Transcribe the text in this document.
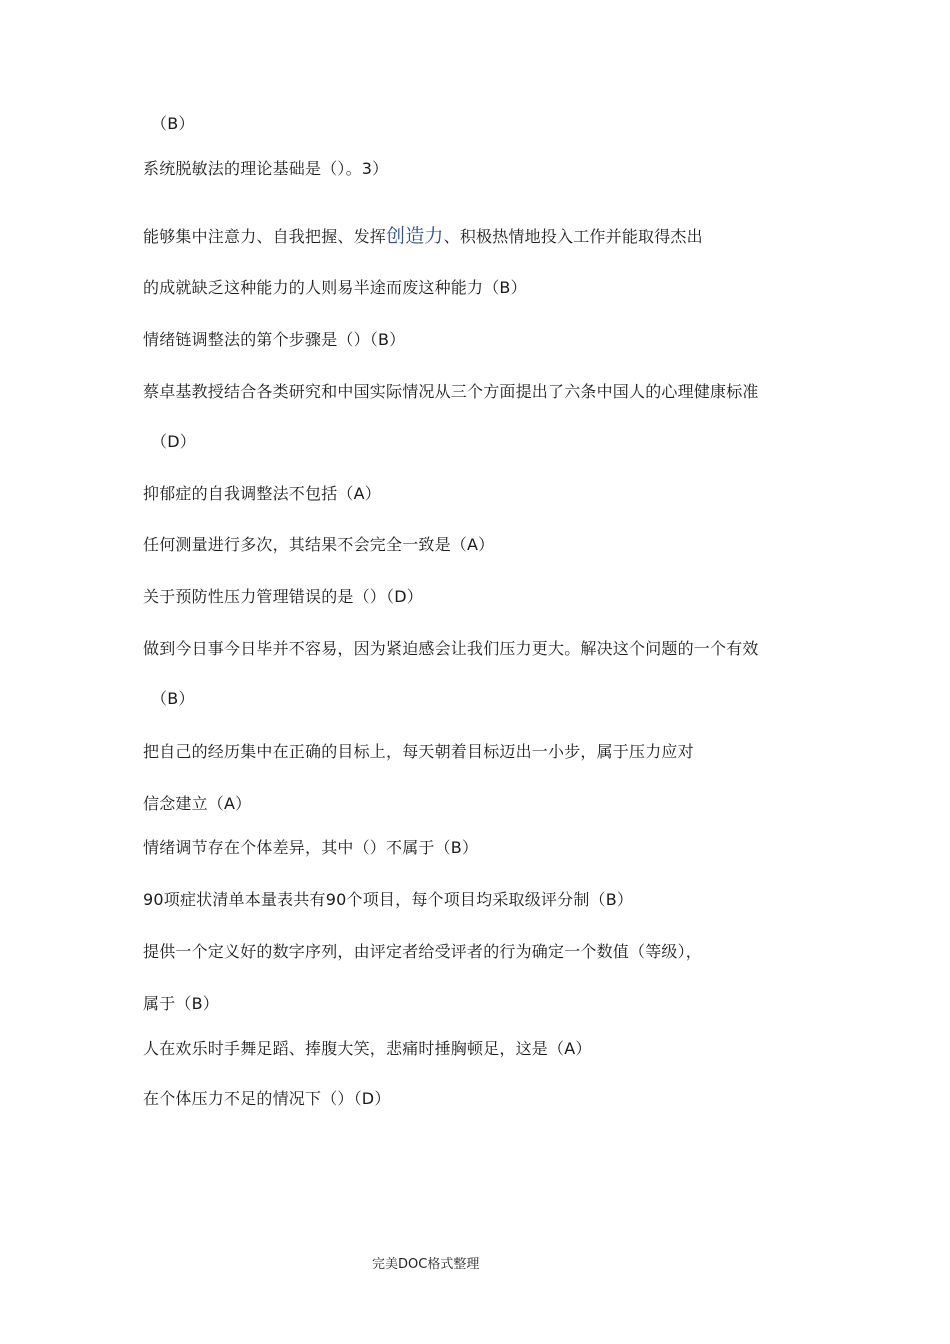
（B）
系统脱敏法的理论基础是（）。3）
能够集中注意力、自我把握、发挥创造力、积极热情地投入工作并能取得杰出
的成就缺乏这种能力的人则易半途而废这种能力（B）
情绪链调整法的第个步骤是（）（B）
蔡卓基教授结合各类研究和中国实际情况从三个方面提出了六条中国人的心理健康标准
（D）
抑郁症的自我调整法不包括（A）
任何测量进行多次，其结果不会完全一致是（A）
关于预防性压力管理错误的是（）（D）
做到今日事今日毕并不容易，因为紧迫感会让我们压力更大。解决这个问题的一个有效
（B）
把自己的经历集中在正确的目标上，每天朝着目标迈出一小步，属于压力应对
信念建立（A）
情绪调节存在个体差异，其中（）不属于（B）
90项症状清单本量表共有90个项目，每个项目均采取级评分制（B）
提供一个定义好的数字序列，由评定者给受评者的行为确定一个数值（等级），
属于（B）
人在欢乐时手舞足蹈、捧腹大笑，悲痛时捶胸顿足，这是（A）
在个体压力不足的情况下（）（D）
完美DOC格式整理
